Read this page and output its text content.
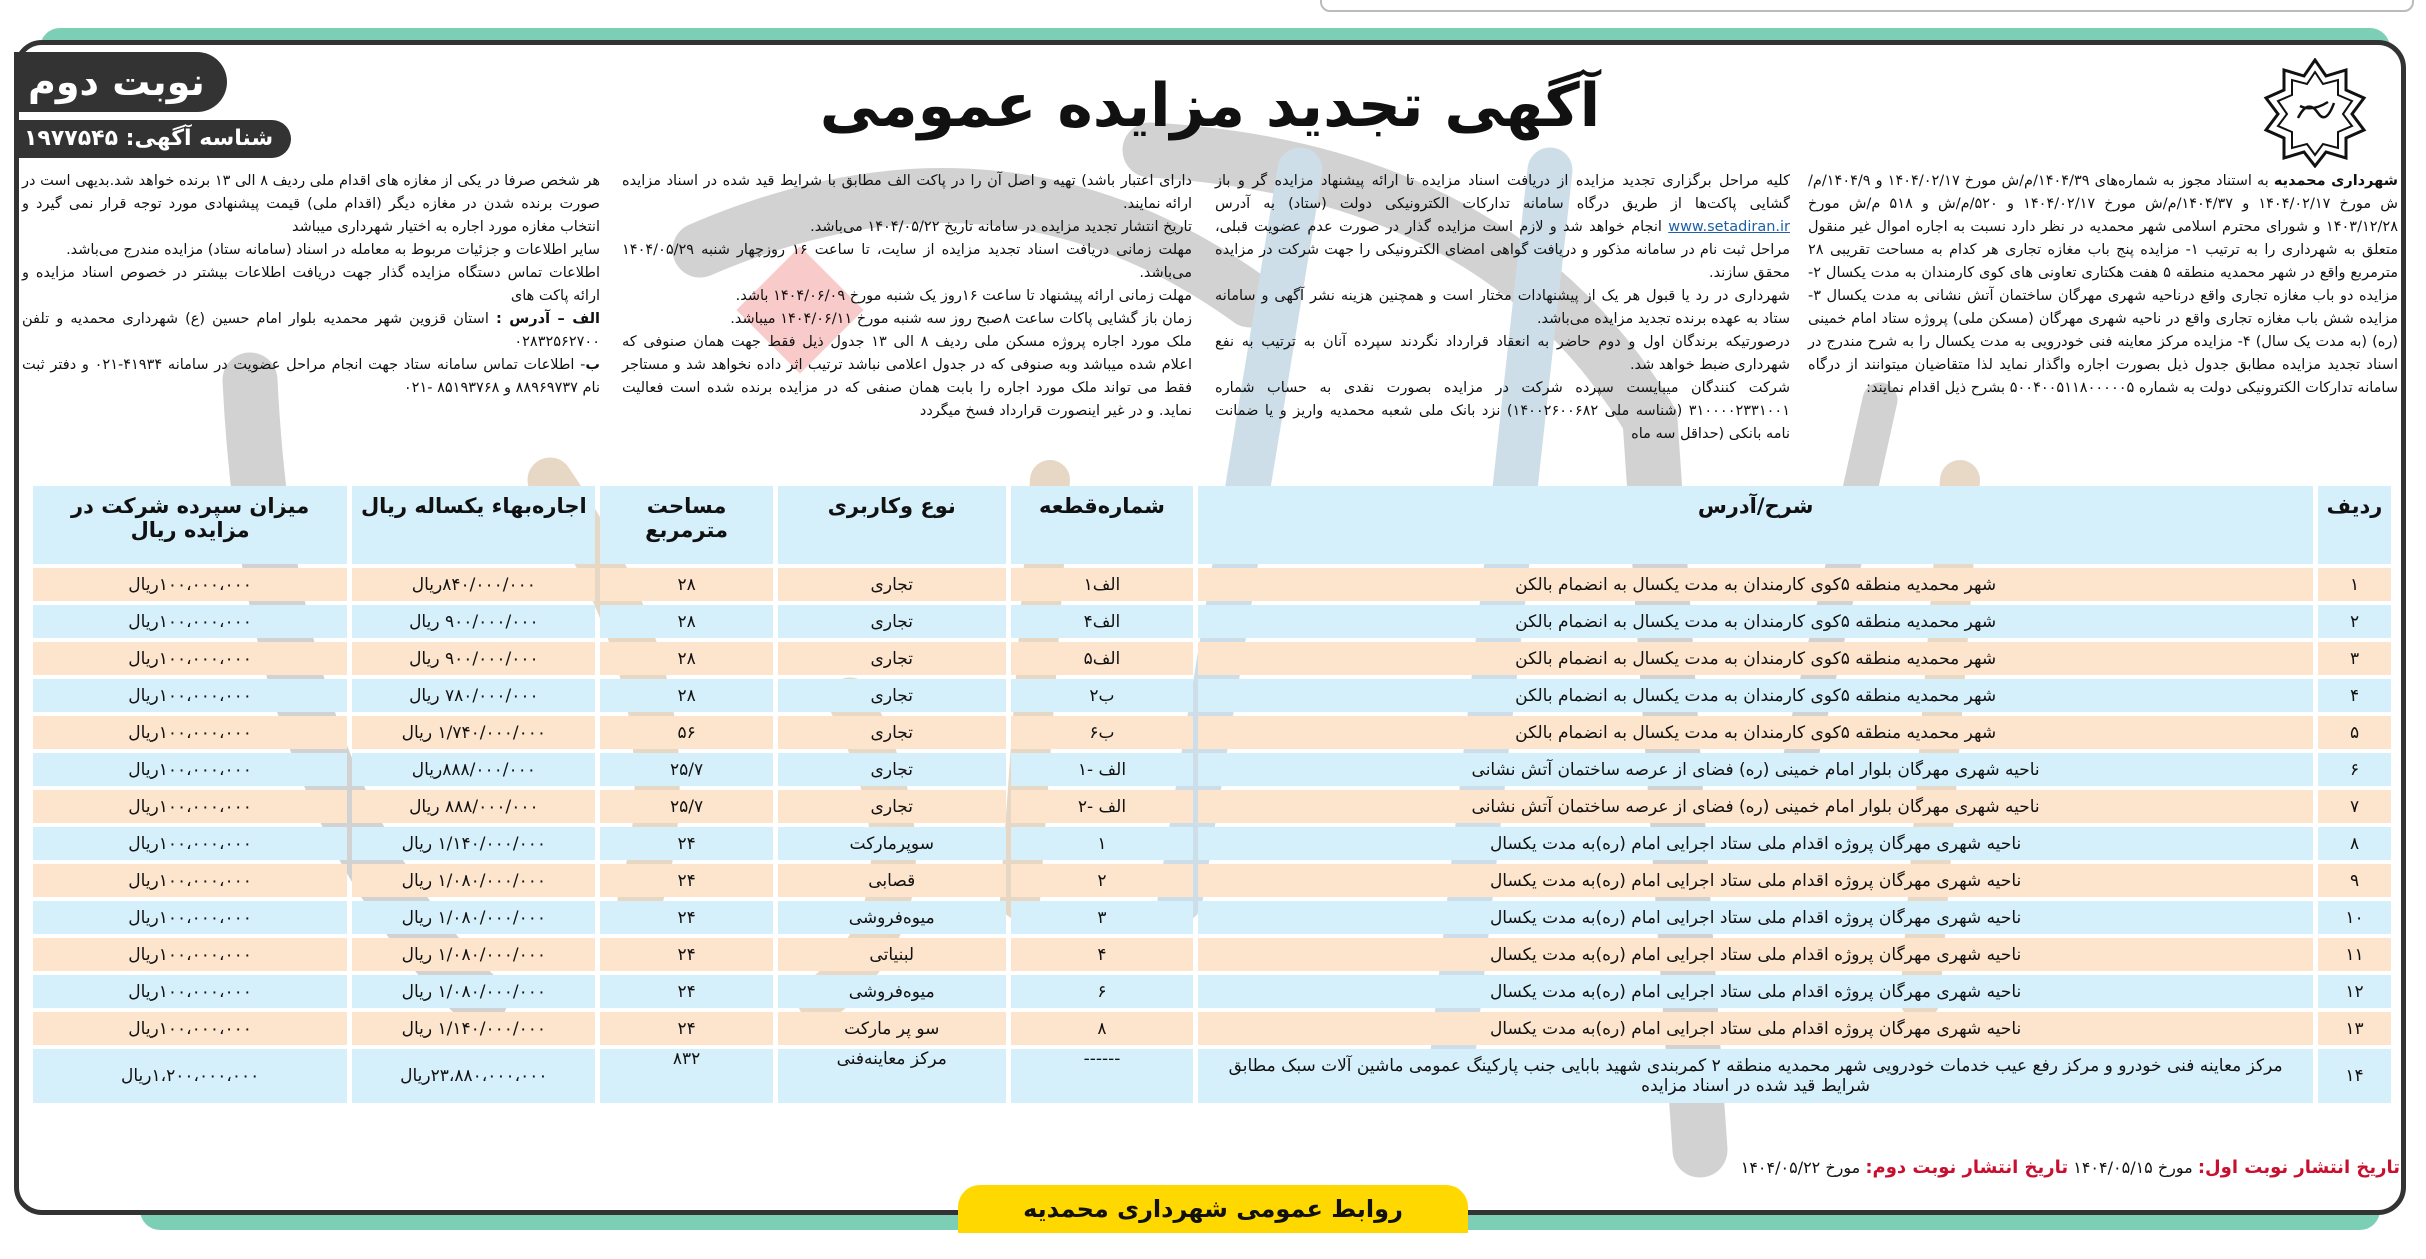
آگهی تجدید مزایده عمومی
نوبت دوم
شناسه آگهی: ۱۹۷۷۵۴۵

شهرداری محمدیه به استناد مجوز به شماره‌های ۱۴۰۴/۳۹/م/ش مورخ ۱۴۰۴/۰۲/۱۷ و ۱۴۰۴/۹/م/ش مورخ ۱۴۰۴/۰۲/۱۷ و ۱۴۰۴/۳۷/م/ش مورخ ۱۴۰۴/۰۲/۱۷ و ۵۲۰/م/ش و ۵۱۸ م/ش مورخ ۱۴۰۳/۱۲/۲۸ و شورای محترم اسلامی شهر محمدیه در نظر دارد نسبت به اجاره اموال غیر منقول متعلق به شهرداری را به ترتیب ۱- مزایده پنج باب مغازه تجاری هر کدام به مساحت تقریبی ۲۸ مترمربع واقع در شهر محمدیه منطقه ۵ هفت هکتاری تعاونی های کوی کارمندان به مدت یکسال ۲- مزایده دو باب مغازه تجاری واقع درناحیه شهری مهرگان ساختمان آتش نشانی به مدت یکسال ۳- مزایده شش باب مغازه تجاری واقع در ناحیه شهری مهرگان (مسکن ملی) پروژه ستاد امام خمینی (ره) (به مدت یک سال) ۴- مزایده مرکز معاینه فنی خودرویی به مدت یکسال را به شرح مندرج در اسناد تجدید مزایده مطابق جدول ذیل بصورت اجاره واگذار نماید لذا متقاضیان میتوانند از درگاه سامانه تدارکات الکترونیکی دولت به شماره ۵۰۰۴۰۰۵۱۱۸۰۰۰۰۰۵ بشرح ذیل اقدام نمایند:

کلیه مراحل برگزاری تجدید مزایده از دریافت اسناد مزایده تا ارائه پیشنهاد مزایده گر و باز گشایی پاکت‌ها از طریق درگاه سامانه تدارکات الکترونیکی دولت (ستاد) به آدرس www.setadiran.ir انجام خواهد شد و لازم است مزایده گذار در صورت عدم عضویت قبلی، مراحل ثبت نام در سامانه مذکور و دریافت گواهی امضای الکترونیکی را جهت شرکت در مزایده محقق سازند.

شهرداری در رد یا قبول هر یک از پیشنهادات مختار است و همچنین هزینه نشر آگهی و سامانه ستاد به عهده برنده تجدید مزایده می‌باشد.

درصورتیکه برندگان اول و دوم حاضر به انعقاد قرارداد نگردند سپرده آنان به ترتیب به نفع شهرداری ضبط خواهد شد.

شرکت کنندگان میبایست سپرده شرکت در مزایده بصورت نقدی به حساب شماره ۳۱۰۰۰۰۲۳۳۱۰۰۱ (شناسه ملی ۱۴۰۰۲۶۰۰۶۸۲) نزد بانک ملی شعبه محمدیه واریز و یا ضمانت نامه بانکی (حداقل سه ماه

دارای اعتبار باشد) تهیه و اصل آن را در پاکت الف مطابق با شرایط قید شده در اسناد مزایده ارائه نمایند.

تاریخ انتشار تجدید مزایده در سامانه تاریخ ۱۴۰۴/۰۵/۲۲ می‌باشد.

مهلت زمانی دریافت اسناد تجدید مزایده از سایت، تا ساعت ۱۶ روزچهار شنبه ۱۴۰۴/۰۵/۲۹ می‌باشد.

مهلت زمانی ارائه پیشنهاد تا ساعت ۱۶روز یک شنبه مورخ ۱۴۰۴/۰۶/۰۹ باشد.

زمان باز گشایی پاکات ساعت ۸صبح روز سه شنبه مورخ ۱۴۰۴/۰۶/۱۱ میباشد.

ملک مورد اجاره پروژه مسکن ملی ردیف ۸ الی ۱۳ جدول ذیل فقط جهت همان صنوفی که اعلام شده میباشد وبه صنوفی که در جدول اعلامی نباشد ترتیب اثر داده نخواهد شد و مستاجر فقط می تواند ملک مورد اجاره را بابت همان صنفی که در مزایده برنده شده است فعالیت نماید. و در غیر اینصورت قرارداد فسخ میگردد

هر شخص صرفا در یکی از مغازه های اقدام ملی ردیف ۸ الی ۱۳ برنده خواهد شد.بدیهی است در صورت برنده شدن در مغازه دیگر (اقدام ملی) قیمت پیشنهادی مورد توجه قرار نمی گیرد و انتخاب مغازه مورد اجاره به اختیار شهرداری میباشد

سایر اطلاعات و جزئیات مربوط به معامله در اسناد (سامانه ستاد) مزایده مندرج می‌باشد.

اطلاعات تماس دستگاه مزایده گذار جهت دریافت اطلاعات بیشتر در خصوص اسناد مزایده و ارائه پاکت های

الف – آدرس : استان قزوین شهر محمدیه بلوار امام حسین (ع) شهرداری محمدیه و تلفن ۰۲۸۳۲۵۶۲۷۰۰

ب- اطلاعات تماس سامانه ستاد جهت انجام مراحل عضویت در سامانه ۴۱۹۳۴-۰۲۱ و دفتر ثبت نام ۸۸۹۶۹۷۳۷ و ۸۵۱۹۳۷۶۸ -۰۲۱

ردیف	شرح/آدرس	شماره‌قطعه	نوع وکاربری	مساحت مترمربع	اجاره‌بهاء یکساله ریال	میزان سپرده شرکت در مزایده ریال
۱	شهر محمدیه منطقه ۵کوی کارمندان به مدت یکسال به انضمام بالکن	الف۱	تجاری	۲۸	۸۴۰/۰۰۰/۰۰۰ریال	۱۰۰،۰۰۰،۰۰۰ریال
۲	شهر محمدیه منطقه ۵کوی کارمندان به مدت یکسال به انضمام بالکن	الف۴	تجاری	۲۸	۹۰۰/۰۰۰/۰۰۰ ریال	۱۰۰،۰۰۰،۰۰۰ریال
۳	شهر محمدیه منطقه ۵کوی کارمندان به مدت یکسال به انضمام بالکن	الف۵	تجاری	۲۸	۹۰۰/۰۰۰/۰۰۰ ریال	۱۰۰،۰۰۰،۰۰۰ریال
۴	شهر محمدیه منطقه ۵کوی کارمندان به مدت یکسال به انضمام بالکن	ب۲	تجاری	۲۸	۷۸۰/۰۰۰/۰۰۰ ریال	۱۰۰،۰۰۰،۰۰۰ریال
۵	شهر محمدیه منطقه ۵کوی کارمندان به مدت یکسال به انضمام بالکن	ب۶	تجاری	۵۶	۱/۷۴۰/۰۰۰/۰۰۰ ریال	۱۰۰،۰۰۰،۰۰۰ریال
۶	ناحیه شهری مهرگان بلوار امام خمینی (ره) فضای از عرصه ساختمان آتش نشانی	الف -۱	تجاری	۲۵/۷	۸۸۸/۰۰۰/۰۰۰ریال	۱۰۰،۰۰۰،۰۰۰ریال
۷	ناحیه شهری مهرگان بلوار امام خمینی (ره) فضای از عرصه ساختمان آتش نشانی	الف -۲	تجاری	۲۵/۷	۸۸۸/۰۰۰/۰۰۰ ریال	۱۰۰،۰۰۰،۰۰۰ریال
۸	ناحیه شهری مهرگان پروژه اقدام ملی ستاد اجرایی امام (ره)به مدت یکسال	۱	سوپرمارکت	۲۴	۱/۱۴۰/۰۰۰/۰۰۰ ریال	۱۰۰،۰۰۰،۰۰۰ریال
۹	ناحیه شهری مهرگان پروژه اقدام ملی ستاد اجرایی امام (ره)به مدت یکسال	۲	قصابی	۲۴	۱/۰۸۰/۰۰۰/۰۰۰ ریال	۱۰۰،۰۰۰،۰۰۰ریال
۱۰	ناحیه شهری مهرگان پروژه اقدام ملی ستاد اجرایی امام (ره)به مدت یکسال	۳	میوه‌فروشی	۲۴	۱/۰۸۰/۰۰۰/۰۰۰ ریال	۱۰۰،۰۰۰،۰۰۰ریال
۱۱	ناحیه شهری مهرگان پروژه اقدام ملی ستاد اجرایی امام (ره)به مدت یکسال	۴	لبنیاتی	۲۴	۱/۰۸۰/۰۰۰/۰۰۰ ریال	۱۰۰،۰۰۰،۰۰۰ریال
۱۲	ناحیه شهری مهرگان پروژه اقدام ملی ستاد اجرایی امام (ره)به مدت یکسال	۶	میوه‌فروشی	۲۴	۱/۰۸۰/۰۰۰/۰۰۰ ریال	۱۰۰،۰۰۰،۰۰۰ریال
۱۳	ناحیه شهری مهرگان پروژه اقدام ملی ستاد اجرایی امام (ره)به مدت یکسال	۸	سو پر مارکت	۲۴	۱/۱۴۰/۰۰۰/۰۰۰ ریال	۱۰۰،۰۰۰،۰۰۰ریال
۱۴	مرکز معاینه فنی خودرو و مرکز رفع عیب خدمات خودرویی شهر محمدیه منطقه ۲ کمربندی شهید بابایی جنب پارکینگ عمومی ماشین آلات سبک مطابق شرایط قید شده در اسناد مزایده	------	مرکز معاینه‌فنی	۸۳۲	۲۳،۸۸۰،۰۰۰،۰۰۰ریال	۱،۲۰۰،۰۰۰،۰۰۰ریال
تاریخ انتشار نوبت اول: مورخ ۱۴۰۴/۰۵/۱۵ تاریخ انتشار نوبت دوم: مورخ ۱۴۰۴/۰۵/۲۲
روابط عمومی شهرداری محمدیه
